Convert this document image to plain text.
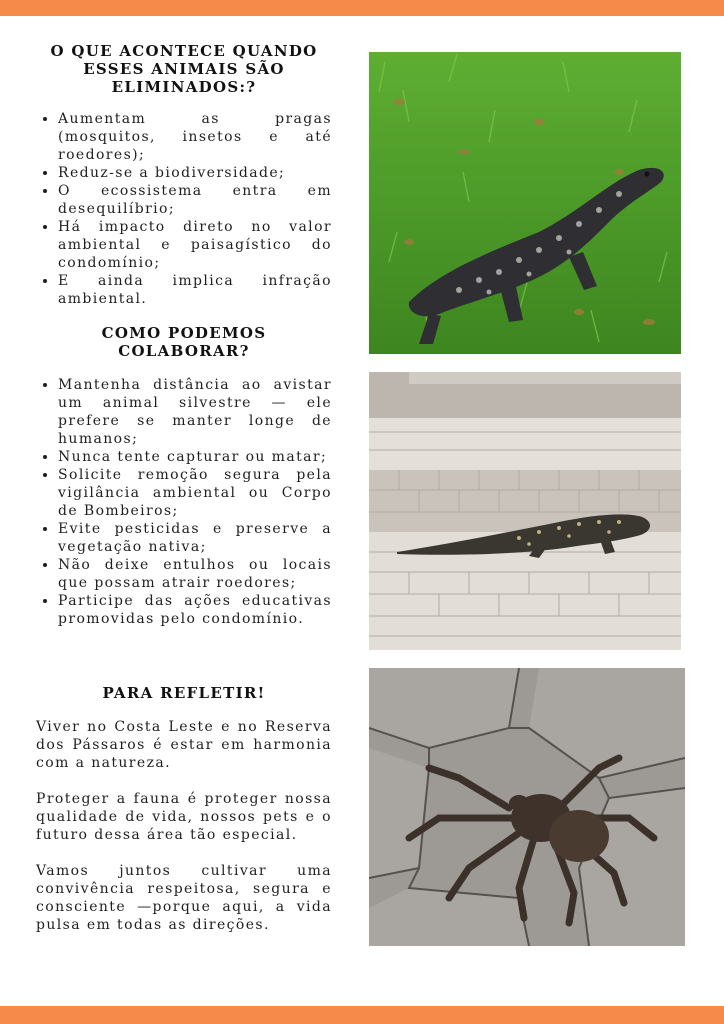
O QUE ACONTECE QUANDO ESSES ANIMAIS SÃO ELIMINADOS:?
• Aumentam as pragas (mosquitos, insetos e até roedores);
• Reduz-se a biodiversidade;
• O ecossistema entra em desequilíbrio;
• Há impacto direto no valor ambiental e paisagístico do condomínio;
• E ainda implica infração ambiental.
COMO PODEMOS COLABORAR?
• Mantenha distância ao avistar um animal silvestre — ele prefere se manter longe de humanos;
• Nunca tente capturar ou matar;
• Solicite remoção segura pela vigilância ambiental ou Corpo de Bombeiros;
• Evite pesticidas e preserve a vegetação nativa;
• Não deixe entulhos ou locais que possam atrair roedores;
• Participe das ações educativas promovidas pelo condomínio.
PARA REFLETIR!

Viver no Costa Leste e no Reserva dos Pássaros é estar em harmonia com a natureza.

Proteger a fauna é proteger nossa qualidade de vida, nossos pets e o futuro dessa área tão especial.

Vamos juntos cultivar uma convivência respeitosa, segura e consciente —porque aqui, a vida pulsa em todas as direções.
